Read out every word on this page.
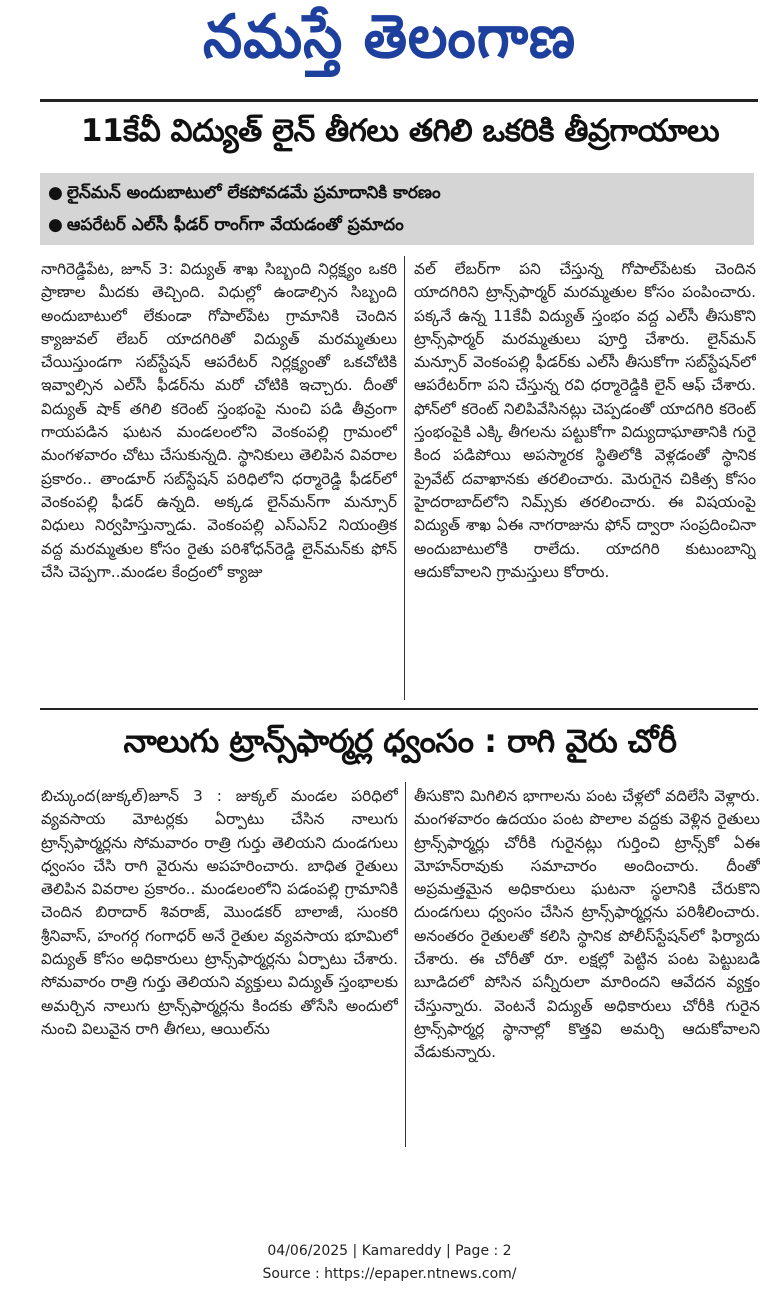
నమస్తే తెలంగాణ
11కేవీ విద్యుత్ లైన్ తీగలు తగిలి ఒకరికి తీవ్రగాయాలు
● లైన్‌మన్ అందుబాటులో లేకపోవడమే ప్రమాదానికి కారణం
● ఆపరేటర్ ఎల్‌సీ ఫీడర్ రాంగ్‌గా వేయడంతో ప్రమాదం

నాగిరెడ్డిపేట, జూన్ 3: విద్యుత్ శాఖ సిబ్బంది నిర్లక్ష్యం ఒకరి ప్రాణాల మీదకు తెచ్చింది. విధుల్లో ఉండాల్సిన సిబ్బంది అందుబాటులో లేకుండా గోపాల్‌పేట గ్రామానికి చెందిన క్యాజువల్ లేబర్ యాదగిరితో విద్యుత్ మరమ్మతులు చేయిస్తుండగా సబ్‌స్టేషన్ ఆపరేటర్ నిర్లక్ష్యంతో ఒకచోటికి ఇవ్వాల్సిన ఎల్‌సీ ఫీడర్‌ను మరో చోటికి ఇచ్చారు. దీంతో విద్యుత్ షాక్ తగిలి కరెంట్ స్తంభంపై నుంచి పడి తీవ్రంగా గాయపడిన ఘటన మండలంలోని వెంకంపల్లి గ్రామంలో మంగళవారం చోటు చేసుకున్నది. స్థానికులు తెలిపిన వివరాల ప్రకారం.. తాండూర్ సబ్‌స్టేషన్ పరిధిలోని ధర్మారెడ్డి ఫీడర్‌లో వెంకంపల్లి ఫీడర్ ఉన్నది. అక్కడ లైన్‌మన్‌గా మన్సూర్ విధులు నిర్వహిస్తున్నాడు. వెంకంపల్లి ఎస్‌ఎస్2 నియంత్రిక వద్ద మరమ్మతుల కోసం రైతు పరిశోధన్‌రెడ్డి లైన్‌మన్‌కు ఫోన్ చేసి చెప్పగా..మండల కేంద్రంలో క్యాజు

వల్ లేబర్‌గా పని చేస్తున్న గోపాల్‌పేటకు చెందిన యాదగిరిని ట్రాన్స్‌ఫార్మర్ మరమ్మతుల కోసం పంపించారు. పక్కనే ఉన్న 11కేవీ విద్యుత్ స్తంభం వద్ద ఎల్‌సీ తీసుకొని ట్రాన్స్‌ఫార్మర్ మరమ్మతులు పూర్తి చేశారు. లైన్‌మన్ మన్సూర్ వెంకంపల్లి ఫీడర్‌కు ఎల్‌సీ తీసుకోగా సబ్‌స్టేషన్‌లో ఆపరేటర్‌గా పని చేస్తున్న రవి ధర్మారెడ్డికి లైన్ ఆఫ్ చేశారు. ఫోన్‌లో కరెంట్ నిలిపివేసినట్లు చెప్పడంతో యాదగిరి కరెంట్ స్తంభంపైకి ఎక్కి తీగలను పట్టుకోగా విద్యుదాఘాతానికి గురై కింద పడిపోయి అపస్మారక స్థితిలోకి వెళ్లడంతో స్థానిక ప్రైవేట్ దవాఖానకు తరలించారు. మెరుగైన చికిత్స కోసం హైదరాబాద్‌లోని నిమ్స్‌కు తరలించారు. ఈ విషయంపై విద్యుత్ శాఖ ఏఈ నాగరాజును ఫోన్ ద్వారా సంప్రదించినా అందుబాటులోకి రాలేదు. యాదగిరి కుటుంబాన్ని ఆదుకోవాలని గ్రామస్తులు కోరారు.

నాలుగు ట్రాన్స్‌ఫార్మర్ల ధ్వంసం : రాగి వైరు చోరీ

బిచ్కుంద(జుక్కల్)జూన్ 3 : జుక్కల్ మండల పరిధిలో వ్యవసాయ మోటర్లకు ఏర్పాటు చేసిన నాలుగు ట్రాన్స్‌ఫార్మర్లను సోమవారం రాత్రి గుర్తు తెలియని దుండగులు ధ్వంసం చేసి రాగి వైరును అపహరించారు. బాధిత రైతులు తెలిపిన వివరాల ప్రకారం.. మండలంలోని పడంపల్లి గ్రామానికి చెందిన బిరాదార్ శివరాజ్, మొండకర్ బాలాజీ, సుంకరి శ్రీనివాస్, హంగర్గ గంగాధర్ అనే రైతుల వ్యవసాయ భూమిలో విద్యుత్ కోసం అధికారులు ట్రాన్స్‌ఫార్మర్లను ఏర్పాటు చేశారు. సోమవారం రాత్రి గుర్తు తెలియని వ్యక్తులు విద్యుత్ స్తంభాలకు అమర్చిన నాలుగు ట్రాన్స్‌ఫార్మర్లను కిందకు తోసేసి అందులో నుంచి విలువైన రాగి తీగలు, ఆయిల్‌ను

తీసుకొని మిగిలిన భాగాలను పంట చేళ్లలో వదిలేసి వెళ్లారు. మంగళవారం ఉదయం పంట పొలాల వద్దకు వెళ్లిన రైతులు ట్రాన్స్‌ఫార్మర్లు చోరీకి గురైనట్లు గుర్తించి ట్రాన్స్‌కో ఏఈ మోహన్‌రావుకు సమాచారం అందించారు. దీంతో అప్రమత్తమైన అధికారులు ఘటనా స్థలానికి చేరుకొని దుండగులు ధ్వంసం చేసిన ట్రాన్స్‌ఫార్మర్లను పరిశీలించారు. అనంతరం రైతులతో కలిసి స్థానిక పోలీస్‌స్టేషన్‌లో ఫిర్యాదు చేశారు. ఈ చోరీతో రూ. లక్షల్లో పెట్టిన పంట పెట్టుబడి బూడిదలో పోసిన పన్నీరులా మారిందని ఆవేదన వ్యక్తం చేస్తున్నారు. వెంటనే విద్యుత్ అధికారులు చోరీకి గురైన ట్రాన్స్‌ఫార్మర్ల స్థానాల్లో కొత్తవి అమర్చి ఆదుకోవాలని వేడుకున్నారు.

04/06/2025 | Kamareddy | Page : 2
Source : https://epaper.ntnews.com/
